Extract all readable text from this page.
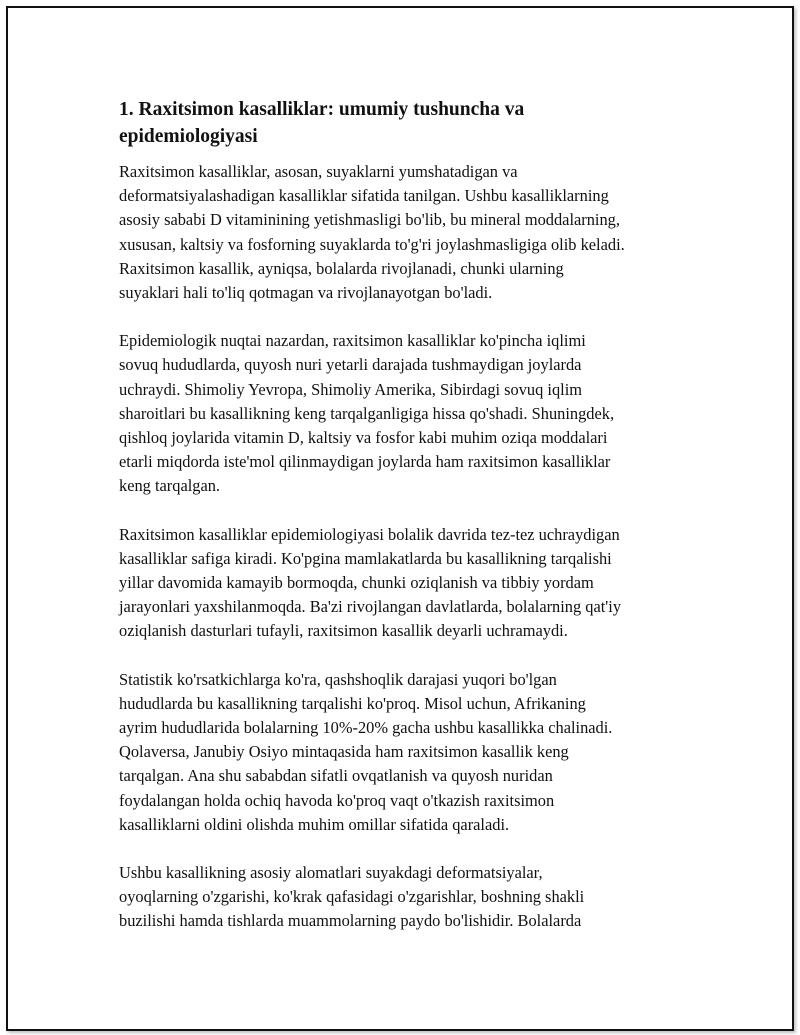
1. Raxitsimon kasalliklar: umumiy tushuncha va
epidemiologiyasi

Raxitsimon kasalliklar, asosan, suyaklarni yumshatadigan va
deformatsiyalashadigan kasalliklar sifatida tanilgan. Ushbu kasalliklarning
asosiy sababi D vitaminining yetishmasligi bo'lib, bu mineral moddalarning,
xususan, kaltsiy va fosforning suyaklarda to'g'ri joylashmasligiga olib keladi.
Raxitsimon kasallik, ayniqsa, bolalarda rivojlanadi, chunki ularning
suyaklari hali to'liq qotmagan va rivojlanayotgan bo'ladi.

Epidemiologik nuqtai nazardan, raxitsimon kasalliklar ko'pincha iqlimi
sovuq hududlarda, quyosh nuri yetarli darajada tushmaydigan joylarda
uchraydi. Shimoliy Yevropa, Shimoliy Amerika, Sibirdagi sovuq iqlim
sharoitlari bu kasallikning keng tarqalganligiga hissa qo'shadi. Shuningdek,
qishloq joylarida vitamin D, kaltsiy va fosfor kabi muhim oziqa moddalari
etarli miqdorda iste'mol qilinmaydigan joylarda ham raxitsimon kasalliklar
keng tarqalgan.

Raxitsimon kasalliklar epidemiologiyasi bolalik davrida tez-tez uchraydigan
kasalliklar safiga kiradi. Ko'pgina mamlakatlarda bu kasallikning tarqalishi
yillar davomida kamayib bormoqda, chunki oziqlanish va tibbiy yordam
jarayonlari yaxshilanmoqda. Ba'zi rivojlangan davlatlarda, bolalarning qat'iy
oziqlanish dasturlari tufayli, raxitsimon kasallik deyarli uchramaydi.

Statistik ko'rsatkichlarga ko'ra, qashshoqlik darajasi yuqori bo'lgan
hududlarda bu kasallikning tarqalishi ko'proq. Misol uchun, Afrikaning
ayrim hududlarida bolalarning 10%-20% gacha ushbu kasallikka chalinadi.
Qolaversa, Janubiy Osiyo mintaqasida ham raxitsimon kasallik keng
tarqalgan. Ana shu sababdan sifatli ovqatlanish va quyosh nuridan
foydalangan holda ochiq havoda ko'proq vaqt o'tkazish raxitsimon
kasalliklarni oldini olishda muhim omillar sifatida qaraladi.

Ushbu kasallikning asosiy alomatlari suyakdagi deformatsiyalar,
oyoqlarning o'zgarishi, ko'krak qafasidagi o'zgarishlar, boshning shakli
buzilishi hamda tishlarda muammolarning paydo bo'lishidir. Bolalarda
